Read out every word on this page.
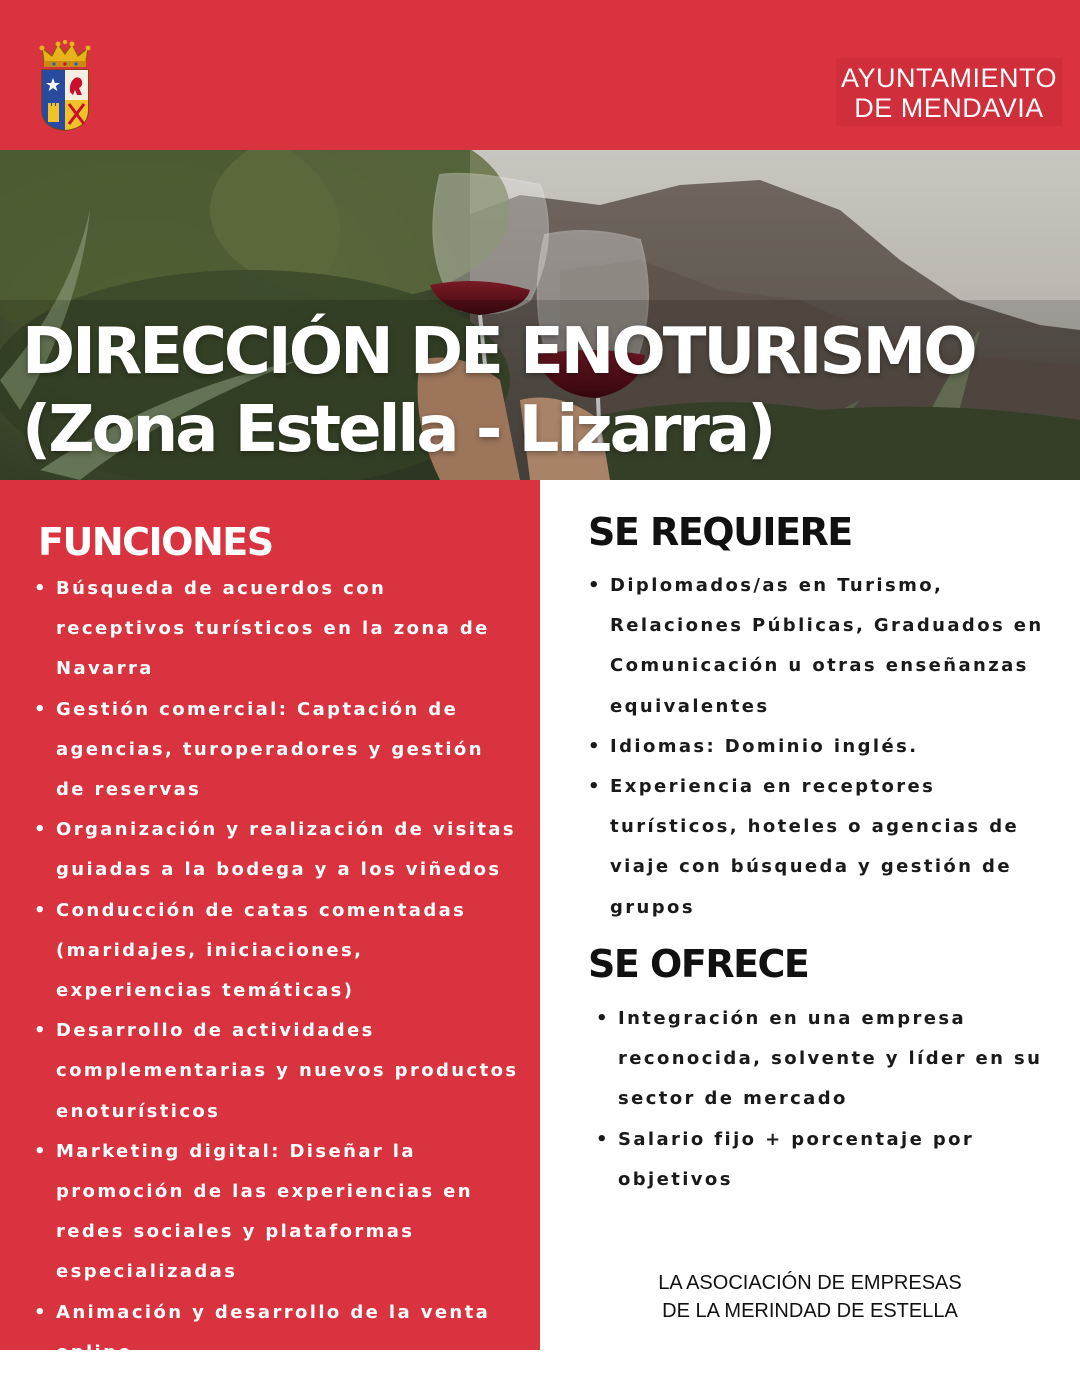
AYUNTAMIENTO
DE MENDAVIA
DIRECCIÓN DE ENOTURISMO
(Zona Estella - Lizarra)
FUNCIONES
• Búsqueda de acuerdos con receptivos turísticos en la zona de Navarra
• Gestión comercial: Captación de agencias, turoperadores y gestión de reservas
• Organización y realización de visitas guiadas a la bodega y a los viñedos
• Conducción de catas comentadas (maridajes, iniciaciones, experiencias temáticas)
• Desarrollo de actividades complementarias y nuevos productos enoturísticos
• Marketing digital: Diseñar la promoción de las experiencias en redes sociales y plataformas especializadas
• Animación y desarrollo de la venta online
SE REQUIERE
• Diplomados/as en Turismo, Relaciones Públicas, Graduados en Comunicación u otras enseñanzas equivalentes
• Idiomas: Dominio inglés.
• Experiencia en receptores turísticos, hoteles o agencias de viaje con búsqueda y gestión de grupos
SE OFRECE
• Integración en una empresa reconocida, solvente y líder en su sector de mercado
• Salario fijo + porcentaje por objetivos
LA ASOCIACIÓN DE EMPRESAS
DE LA MERINDAD DE ESTELLA
